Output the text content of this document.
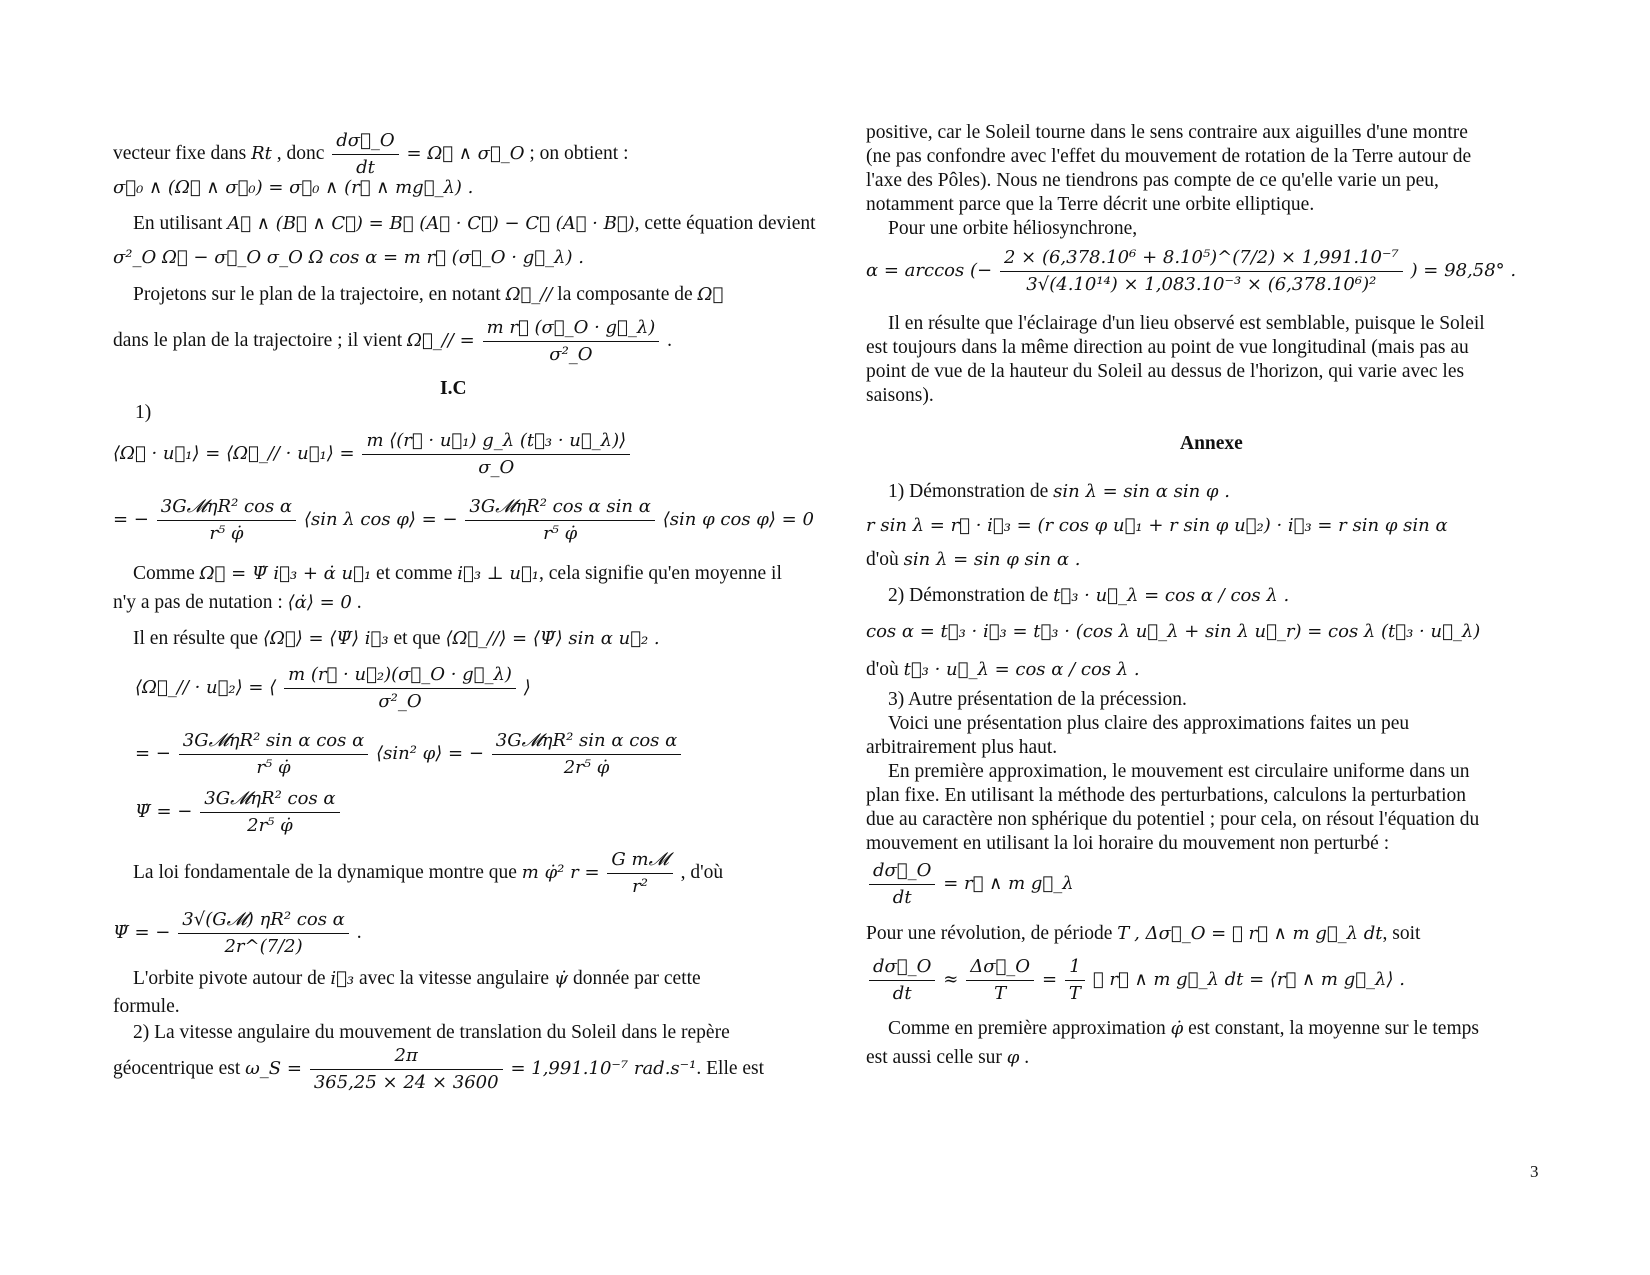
vecteur fixe dans Rt , donc $\frac{d\sigma⃗\_O}{dt}$ = Ω⃗ ∧ σ⃗_O ; on obtient :
σ⃗₀ ∧ (Ω⃗ ∧ σ⃗₀) = σ⃗₀ ∧ (r⃗ ∧ mg⃗_λ) .
En utilisant A⃗ ∧ (B⃗ ∧ C⃗) = B⃗ (A⃗ · C⃗) − C⃗ (A⃗ · B⃗), cette équation devient
σ²_O Ω⃗ − σ⃗_O σ_O Ω cos α = m r⃗ (σ⃗_O · g⃗_λ) .
Projetons sur le plan de la trajectoire, en notant Ω⃗_// la composante de Ω⃗
dans le plan de la trajectoire ; il vient Ω⃗_// = $\frac{\text{m r⃗ (σ⃗\_O · g⃗\_λ)}}{\text{σ²\_O}}$ .
I.C
1)
⟨Ω⃗ · u⃗₁⟩ = ⟨Ω⃗_// · u⃗₁⟩ = $\frac{\text{m ⟨(r⃗ · u⃗₁) g\_λ (t⃗₃ · u⃗\_λ)⟩}}{\sigma\_O}$
= − $\frac{\text{3G𝓜ηR² cos α}}{\text{r⁵ φ̇}}$ ⟨sin λ cos φ⟩ = − $\frac{\text{3G𝓜ηR² cos α sin α}}{\text{r⁵ φ̇}}$ ⟨sin φ cos φ⟩ = 0
Comme Ω⃗ = Ψ̇ i⃗₃ + α̇ u⃗₁ et comme i⃗₃ ⊥ u⃗₁, cela signifie qu'en moyenne il
n'y a pas de nutation : ⟨α̇⟩ = 0 .
Il en résulte que ⟨Ω⃗⟩ = ⟨Ψ̇⟩ i⃗₃ et que ⟨Ω⃗_//⟩ = ⟨Ψ̇⟩ sin α u⃗₂ .
⟨Ω⃗_// · u⃗₂⟩ = ⟨ $\frac{\text{m (r⃗ · u⃗₂)(σ⃗\_O · g⃗\_λ)}}{\text{σ²\_O}}$ ⟩
= − $\frac{\text{3G𝓜ηR² sin α cos α}}{\text{r⁵ φ̇}}$ ⟨sin² φ⟩ = − $\frac{\text{3G𝓜ηR² sin α cos α}}{\text{2r⁵ φ̇}}$
Ψ̇ = − $\frac{\text{3G𝓜ηR² cos α}}{\text{2r⁵ φ̇}}$
La loi fondamentale de la dynamique montre que m φ̇² $r = \frac{\text{G m𝓜}}{\text{r²}}$ , d'où
Ψ̇ = − $\frac{\text{3√(G𝓜) ηR² cos α}}{2r\^{}(7/2)}$ .
L'orbite pivote autour de i⃗₃ avec la vitesse angulaire ψ̇ donnée par cette
formule.
2) La vitesse angulaire du mouvement de translation du Soleil dans le repère
géocentrique est ω_S = $\frac{2\pi}{365,25 \times 24 \times 3600} = 1,991.10^{-7}$ rad.s⁻¹. Elle est
positive, car le Soleil tourne dans le sens contraire aux aiguilles d'une montre
(ne pas confondre avec l'effet du mouvement de rotation de la Terre autour de
l'axe des Pôles). Nous ne tiendrons pas compte de ce qu'elle varie un peu,
notamment parce que la Terre décrit une orbite elliptique.
Pour une orbite héliosynchrone,
α = arccos (− $\frac{\text{2 × (6,378.10⁶ + 8.10⁵)\textasciicircum{}(7/2) × 1,991.10⁻⁷}}{\text{3√(4.10¹⁴) × 1,083.10⁻³ × (6,378.10⁶)²}}$ ) = 98,58° .
Il en résulte que l'éclairage d'un lieu observé est semblable, puisque le Soleil
est toujours dans la même direction au point de vue longitudinal (mais pas au
point de vue de la hauteur du Soleil au dessus de l'horizon, qui varie avec les
saisons).
Annexe
1) Démonstration de sin λ = sin α sin φ .
r sin λ = r⃗ · i⃗₃ = (r cos φ u⃗₁ + r sin φ u⃗₂) · i⃗₃ = r sin φ sin α
d'où sin λ = sin φ sin α .
2) Démonstration de t⃗₃ · u⃗_λ = cos α / cos λ .
cos α = t⃗₃ · i⃗₃ = t⃗₃ · (cos λ u⃗_λ + sin λ u⃗_r) = cos λ (t⃗₃ · u⃗_λ)
d'où t⃗₃ · u⃗_λ = cos α / cos λ .
3) Autre présentation de la précession.
Voici une présentation plus claire des approximations faites un peu
arbitrairement plus haut.
En première approximation, le mouvement est circulaire uniforme dans un
plan fixe. En utilisant la méthode des perturbations, calculons la perturbation
due au caractère non sphérique du potentiel ; pour cela, on résout l'équation du
mouvement en utilisant la loi horaire du mouvement non perturbé :
$\frac{d\sigma⃗\_O}{dt}$ = r⃗ ∧ m g⃗_λ
Pour une révolution, de période T , Δσ⃗_O = ∮ r⃗ ∧ m g⃗_λ dt, soit
$\frac{d\sigma⃗\_O}{dt} \approx \frac{\Delta\sigma⃗\_O}{T} = \frac{1}{T}$ ∮ r⃗ ∧ m g⃗_λ dt = ⟨r⃗ ∧ m g⃗_λ⟩ .
Comme en première approximation φ̇ est constant, la moyenne sur le temps
est aussi celle sur φ .
3
